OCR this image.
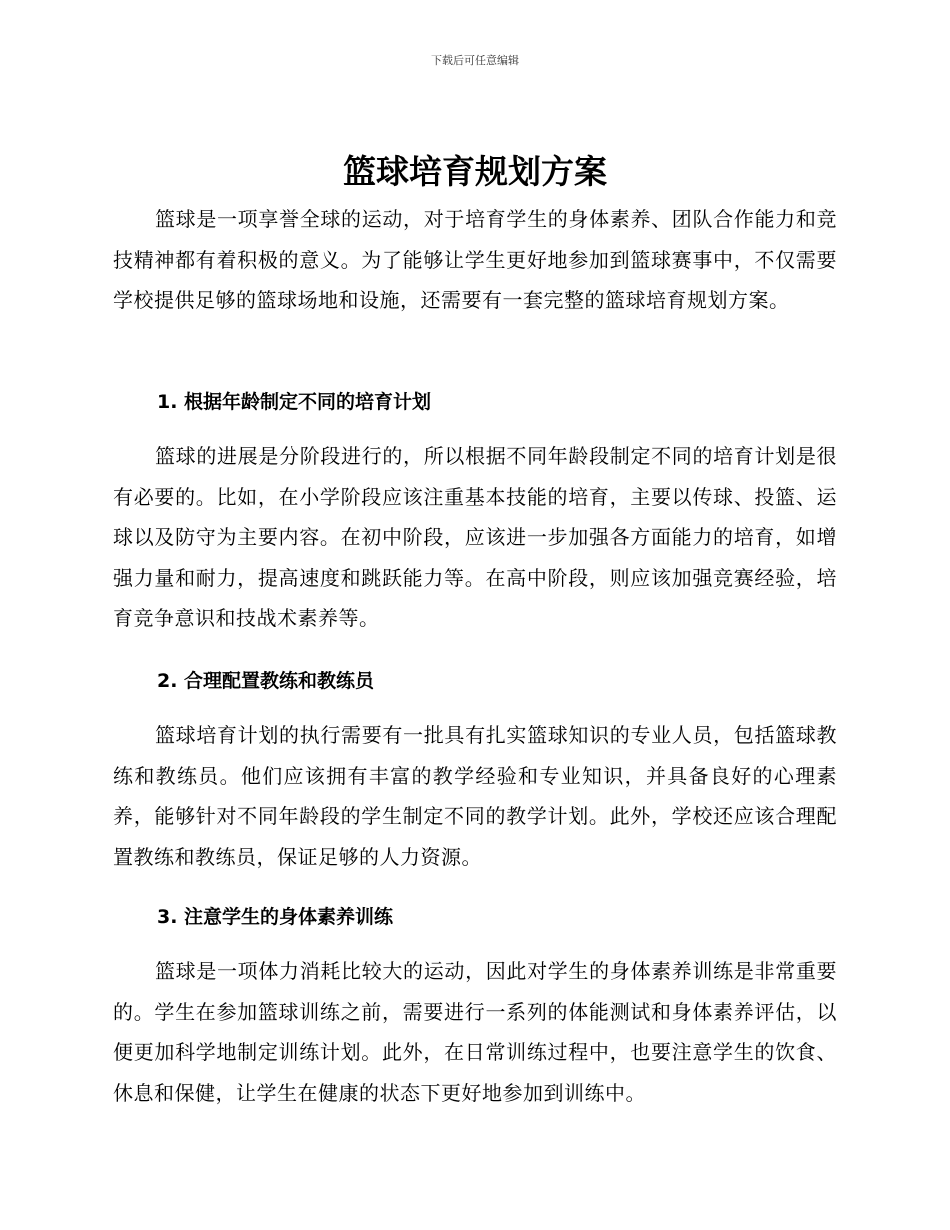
下载后可任意编辑
篮球培育规划方案

篮球是一项享誉全球的运动，对于培育学生的身体素养、团队合作能力和竞技精神都有着积极的意义。为了能够让学生更好地参加到篮球赛事中，不仅需要学校提供足够的篮球场地和设施，还需要有一套完整的篮球培育规划方案。

1. 根据年龄制定不同的培育计划

篮球的进展是分阶段进行的，所以根据不同年龄段制定不同的培育计划是很有必要的。比如，在小学阶段应该注重基本技能的培育，主要以传球、投篮、运球以及防守为主要内容。在初中阶段，应该进一步加强各方面能力的培育，如增强力量和耐力，提高速度和跳跃能力等。在高中阶段，则应该加强竞赛经验，培育竞争意识和技战术素养等。

2. 合理配置教练和教练员

篮球培育计划的执行需要有一批具有扎实篮球知识的专业人员，包括篮球教练和教练员。他们应该拥有丰富的教学经验和专业知识，并具备良好的心理素养，能够针对不同年龄段的学生制定不同的教学计划。此外，学校还应该合理配置教练和教练员，保证足够的人力资源。

3. 注意学生的身体素养训练

篮球是一项体力消耗比较大的运动，因此对学生的身体素养训练是非常重要的。学生在参加篮球训练之前，需要进行一系列的体能测试和身体素养评估，以便更加科学地制定训练计划。此外，在日常训练过程中，也要注意学生的饮食、休息和保健，让学生在健康的状态下更好地参加到训练中。
